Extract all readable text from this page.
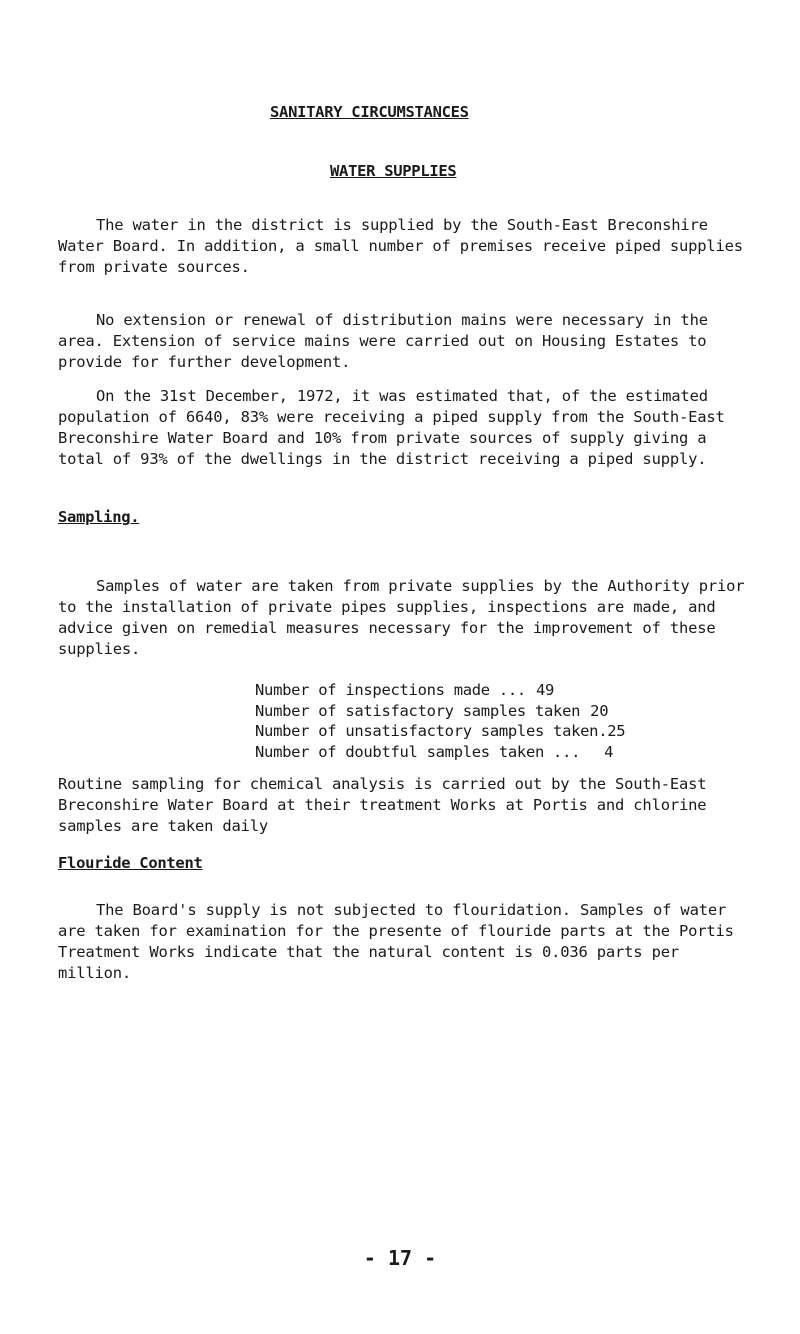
SANITARY CIRCUMSTANCES
WATER SUPPLIES

The water in the district is supplied by the South-East Breconshire Water Board. In addition, a small number of premises receive piped supplies from private sources.

No extension or renewal of distribution mains were necessary in the area. Extension of service mains were carried out on Housing Estates to provide for further development.

On the 31st December, 1972, it was estimated that, of the estimated population of 6640, 83% were receiving a piped supply from the South-East Breconshire Water Board and 10% from private sources of supply giving a total of 93% of the dwellings in the district receiving a piped supply.

Sampling.

Samples of water are taken from private supplies by the Authority prior to the installation of private pipes supplies, inspections are made, and advice given on remedial measures necessary for the improvement of these supplies.

Number of inspections made ... 49
Number of satisfactory samples taken 20
Number of unsatisfactory samples taken. 25
Number of doubtful samples taken ... 4

Routine sampling for chemical analysis is carried out by the South-East Breconshire Water Board at their treatment Works at Portis and chlorine samples are taken daily

Flouride Content

The Board's supply is not subjected to flouridation. Samples of water are taken for examination for the presente of flouride parts at the Portis Treatment Works indicate that the natural content is 0.036 parts per million.

- 17 -
